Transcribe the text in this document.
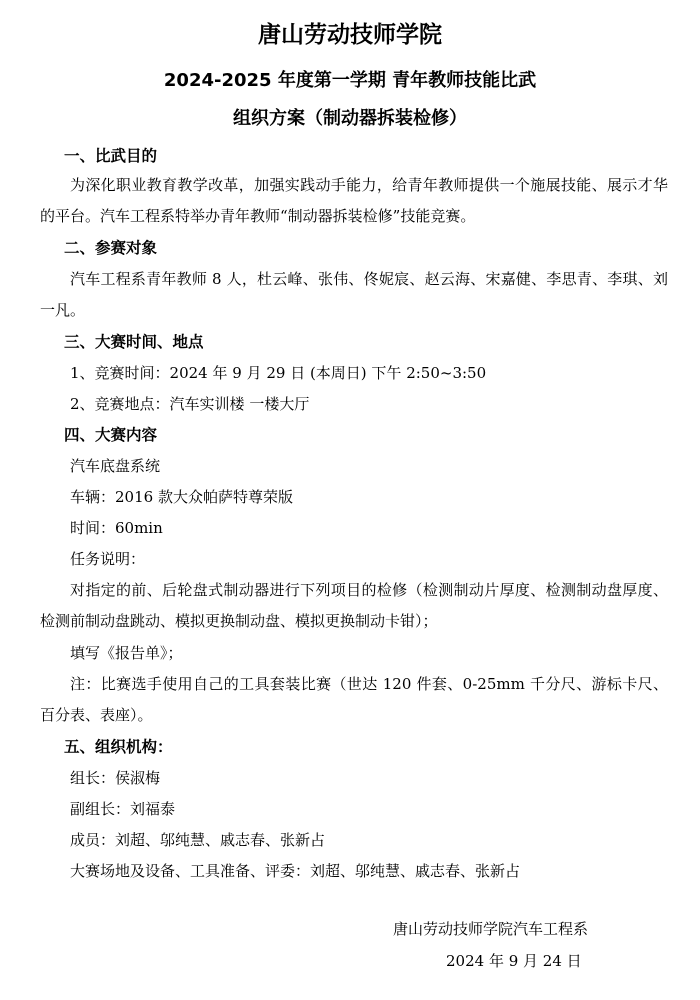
唐山劳动技师学院
2024-2025 年度第一学期 青年教师技能比武
组织方案（制动器拆装检修）
一、比武目的

为深化职业教育教学改革，加强实践动手能力，给青年教师提供一个施展技能、展示才华的平台。汽车工程系特举办青年教师“制动器拆装检修”技能竞赛。

二、参赛对象

汽车工程系青年教师 8 人，杜云峰、张伟、佟妮宸、赵云海、宋嘉健、李思青、李琪、刘一凡。

三、大赛时间、地点

1、竞赛时间：2024 年 9 月 29 日 (本周日) 下午 2:50~3:50

2、竞赛地点：汽车实训楼 一楼大厅

四、大赛内容

汽车底盘系统

车辆：2016 款大众帕萨特尊荣版

时间：60min

任务说明：

对指定的前、后轮盘式制动器进行下列项目的检修（检测制动片厚度、检测制动盘厚度、检测前制动盘跳动、模拟更换制动盘、模拟更换制动卡钳）；

填写《报告单》；

注：比赛选手使用自己的工具套装比赛（世达 120 件套、0-25mm 千分尺、游标卡尺、百分表、表座）。

五、组织机构：

组长：侯淑梅

副组长：刘福泰

成员：刘超、邬纯慧、戚志春、张新占

大赛场地及设备、工具准备、评委：刘超、邬纯慧、戚志春、张新占

唐山劳动技师学院汽车工程系
2024 年 9 月 24 日
